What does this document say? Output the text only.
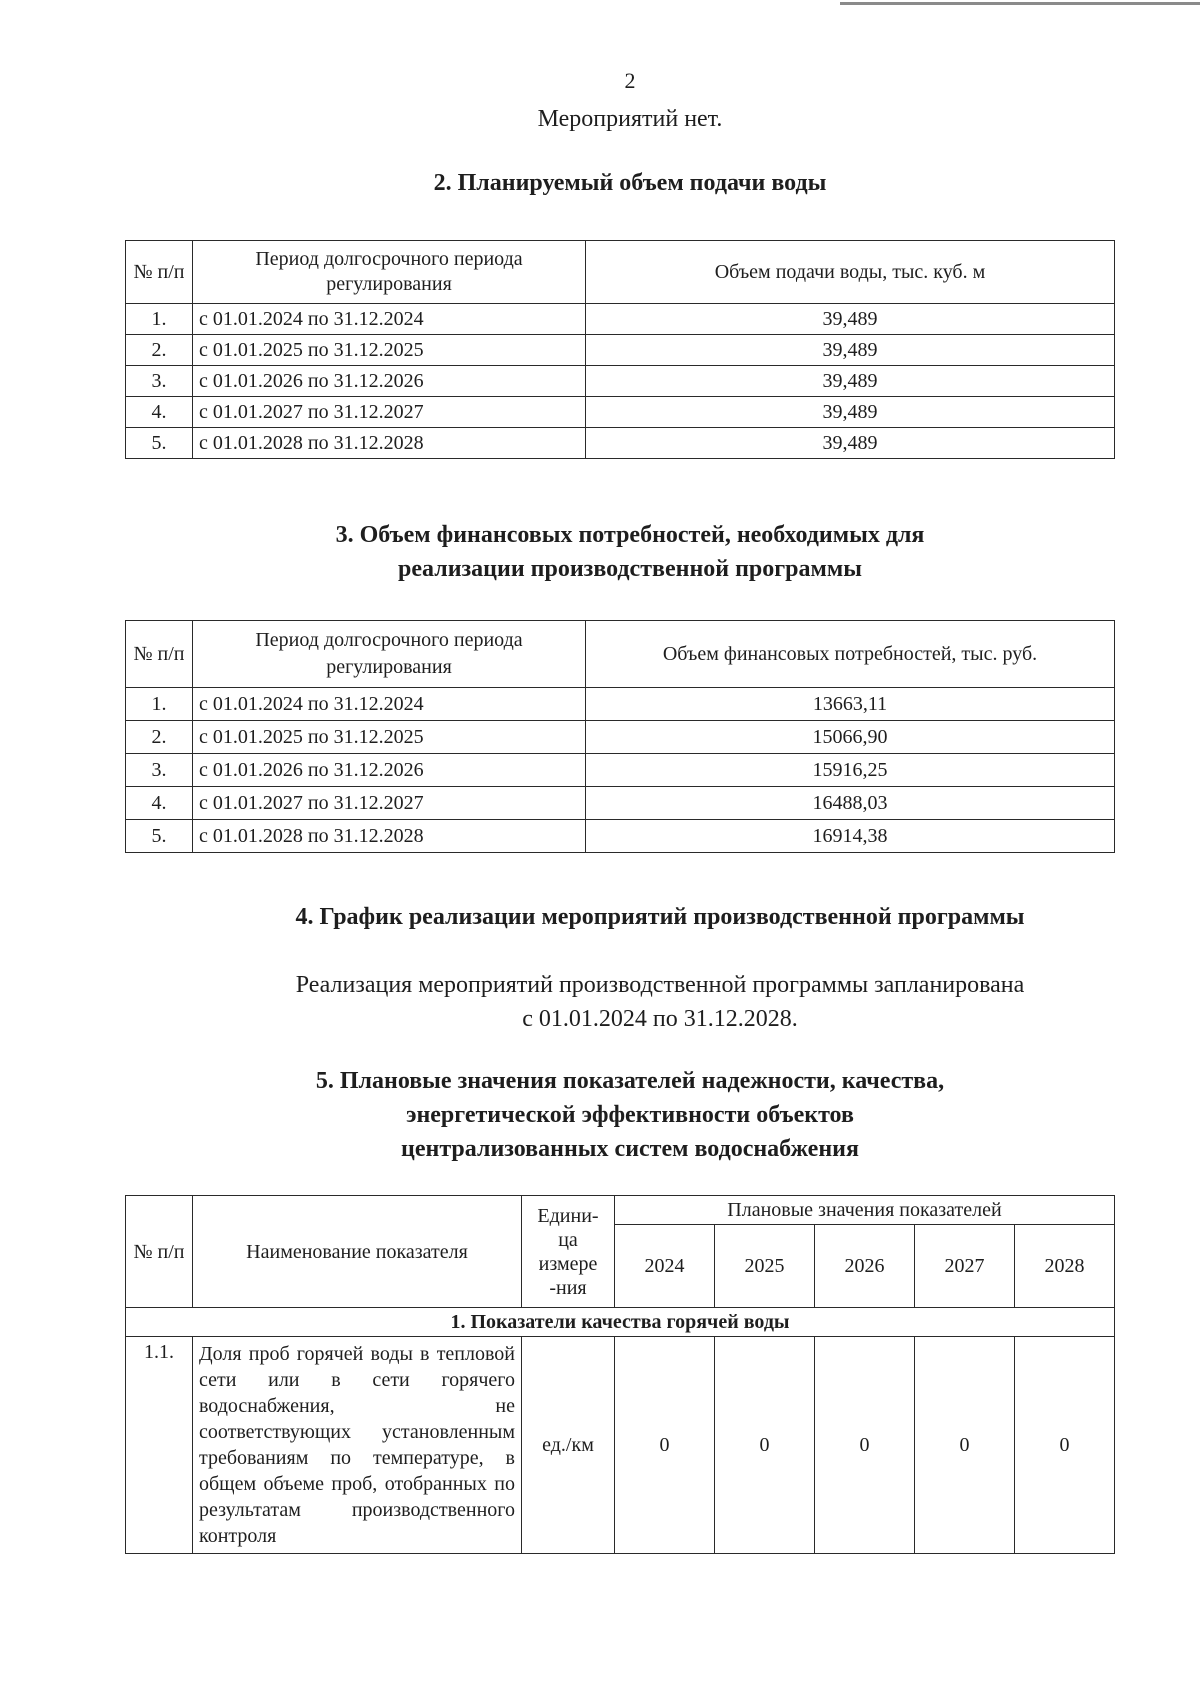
2
Мероприятий нет.
2. Планируемый объем подачи воды
№ п/п	Период долгосрочного периода регулирования	Объем подачи воды, тыс. куб. м
1.	с 01.01.2024 по 31.12.2024	39,489
2.	с 01.01.2025 по 31.12.2025	39,489
3.	с 01.01.2026 по 31.12.2026	39,489
4.	с 01.01.2027 по 31.12.2027	39,489
5.	с 01.01.2028 по 31.12.2028	39,489
3. Объем финансовых потребностей, необходимых для
реализации производственной программы
№ п/п	Период долгосрочного периода регулирования	Объем финансовых потребностей, тыс. руб.
1.	с 01.01.2024 по 31.12.2024	13663,11
2.	с 01.01.2025 по 31.12.2025	15066,90
3.	с 01.01.2026 по 31.12.2026	15916,25
4.	с 01.01.2027 по 31.12.2027	16488,03
5.	с 01.01.2028 по 31.12.2028	16914,38
4. График реализации мероприятий производственной программы
Реализация мероприятий производственной программы запланирована
с 01.01.2024 по 31.12.2028.
5. Плановые значения показателей надежности, качества,
энергетической эффективности объектов
централизованных систем водоснабжения
№ п/п	Наименование показателя	Едини- ца измере -ния	Плановые значения показателей				
			2024	2025	2026	2027	2028
1. Показатели качества горячей воды							
1.1.	Доля проб горячей воды в тепловой сети или в сети горячего водоснабжения, не соответствующих установленным требованиям по температуре, в общем объеме проб, отобранных по результатам производственного контроля	ед./км	0	0	0	0	0
